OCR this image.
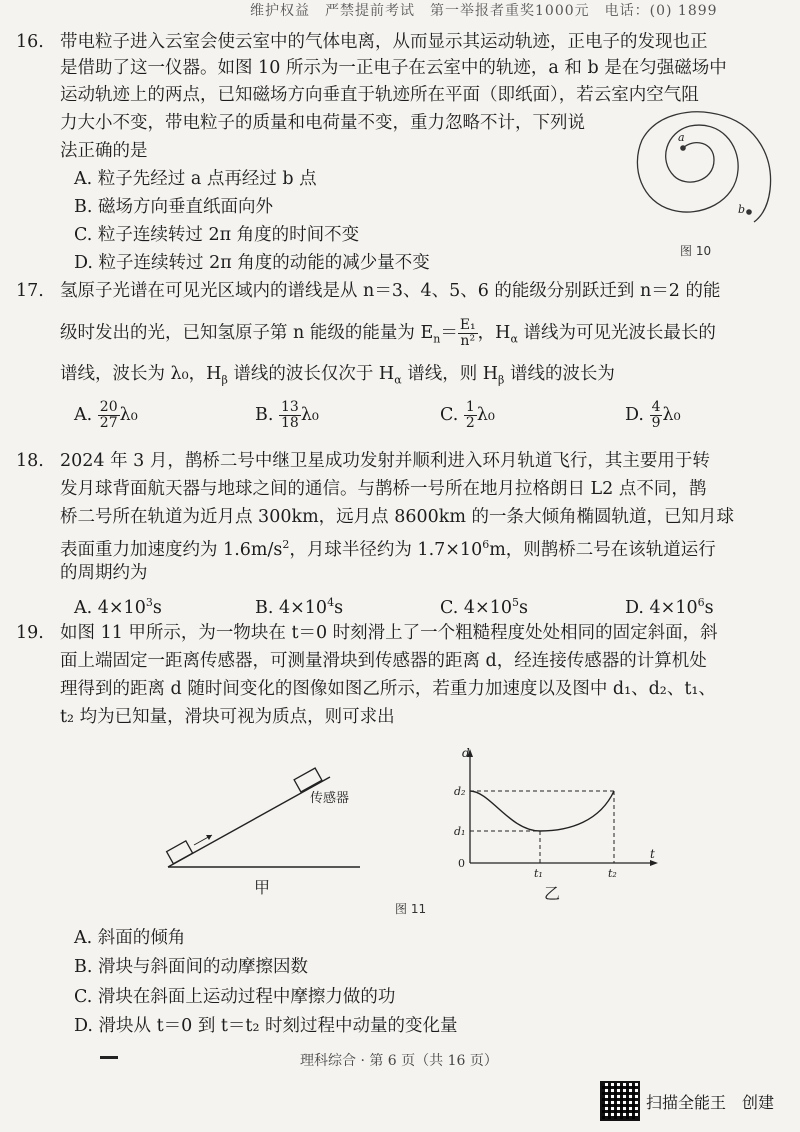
维护权益　严禁提前考试　第一举报者重奖1000元　电话：(0) 1899
16. 带电粒子进入云室会使云室中的气体电离，从而显示其运动轨迹，正电子的发现也正
是借助了这一仪器。如图 10 所示为一正电子在云室中的轨迹，a 和 b 是在匀强磁场中
运动轨迹上的两点，已知磁场方向垂直于轨迹所在平面（即纸面），若云室内空气阻
力大小不变，带电粒子的质量和电荷量不变，重力忽略不计，下列说
法正确的是
A. 粒子先经过 a 点再经过 b 点
B. 磁场方向垂直纸面向外
C. 粒子连续转过 2π 角度的时间不变
D. 粒子连续转过 2π 角度的动能的减少量不变
a
b
图 10
17. 氢原子光谱在可见光区域内的谱线是从 n＝3、4、5、6 的能级分别跃迁到 n＝2 的能
级时发出的光，已知氢原子第 n 能级的能量为 $E_n= \frac{\text{E₁}}{\text{n²}}$ ，$H_\alpha$ 谱线为可见光波长最长的
谱线，波长为 λ₀，$H_\beta$ 谱线的波长仅次于 $H_\alpha$ 谱线，则 $H_\beta$ 谱线的波长为
A. $\frac{20}{27} \lambda_0$	B. $\frac{13}{18} \lambda_0$	C. $\frac{1}{2} \lambda_0$	D. $\frac{4}{9} \lambda_0$
18. 2024 年 3 月，鹊桥二号中继卫星成功发射并顺利进入环月轨道飞行，其主要用于转
发月球背面航天器与地球之间的通信。与鹊桥一号所在地月拉格朗日 L2 点不同，鹊
桥二号所在轨道为近月点 300km，远月点 8600km 的一条大倾角椭圆轨道，已知月球
表面重力加速度约为 $1.6m/s^2$，月球半径约为 $1.7\times 10^6m$，则鹊桥二号在该轨道运行
的周期约为
A. $4\times 10^3s$	B. $4\times 10^4s$	C. $4\times 10^5s$	D. $4\times 10^6s$
19. 如图 11 甲所示，为一物块在 t＝0 时刻滑上了一个粗糙程度处处相同的固定斜面，斜
面上端固定一距离传感器，可测量滑块到传感器的距离 d，经连接传感器的计算机处
理得到的距离 d 随时间变化的图像如图乙所示，若重力加速度以及图中 d₁、d₂、t₁、
t₂ 均为已知量，滑块可视为质点，则可求出
传感器
甲
d
t
0
d₂
d₁
t₁	t₂
乙
图 11
A. 斜面的倾角
B. 滑块与斜面间的动摩擦因数
C. 滑块在斜面上运动过程中摩擦力做的功
D. 滑块从 t＝0 到 t＝t₂ 时刻过程中动量的变化量
理科综合 · 第 6 页（共 16 页）
扫描全能王　创建
